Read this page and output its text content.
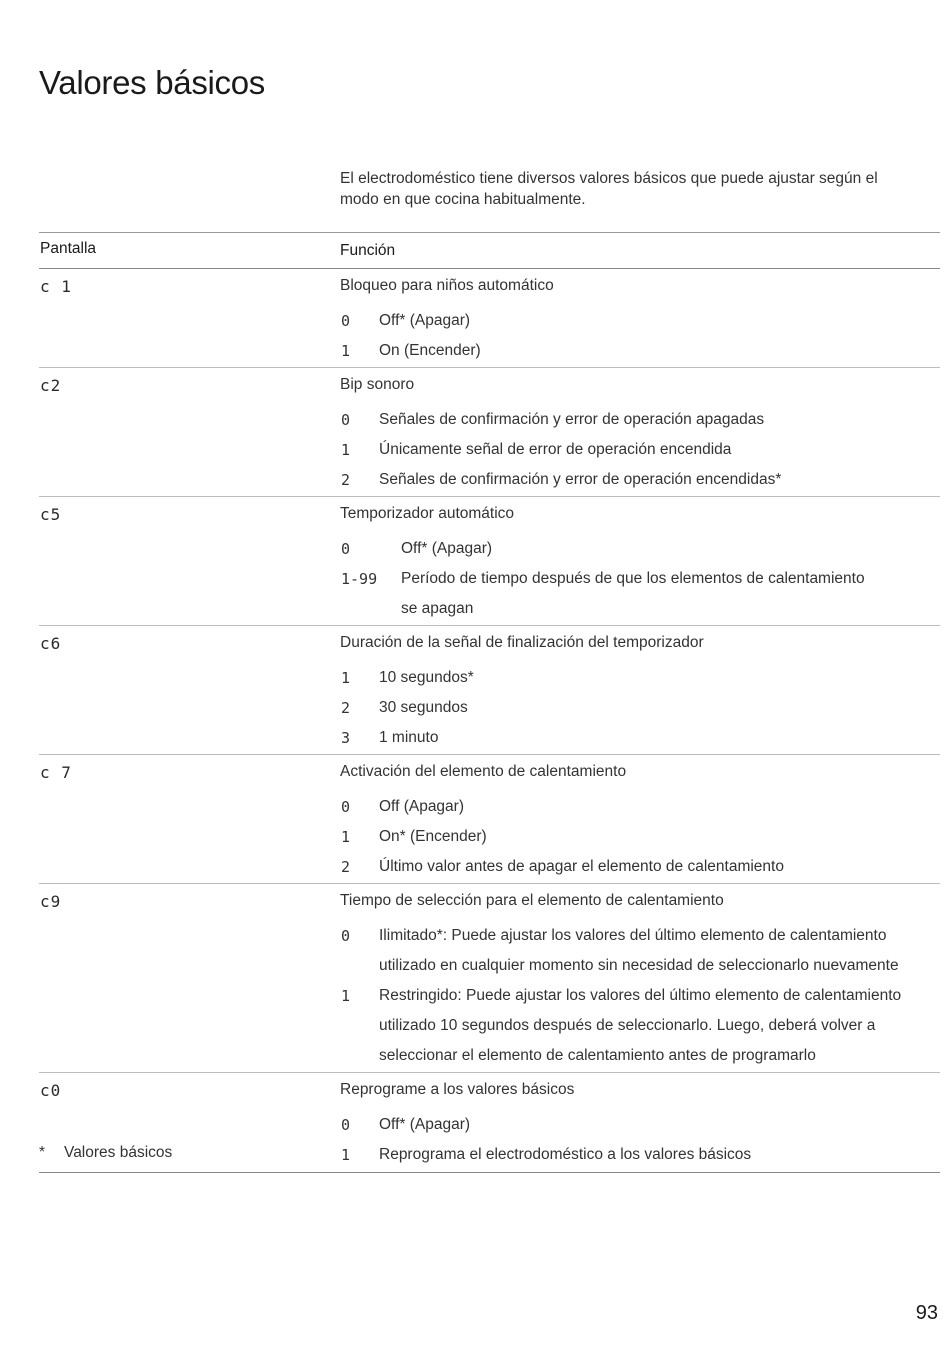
Valores básicos
El electrodoméstico tiene diversos valores básicos que puede ajustar según el modo en que cocina habitualmente.
Pantalla	Función
c 1	Bloqueo para niños automático
0	Off* (Apagar)
1	On (Encender)
c2	Bip sonoro
0	Señales de confirmación y error de operación apagadas
1	Únicamente señal de error de operación encendida
2	Señales de confirmación y error de operación encendidas*
c5	Temporizador automático
0	Off* (Apagar)
1-99	Período de tiempo después de que los elementos de calentamiento
se apagan
c6	Duración de la señal de finalización del temporizador
1	10 segundos*
2	30 segundos
3	1 minuto
c 7	Activación del elemento de calentamiento
0	Off (Apagar)
1	On* (Encender)
2	Último valor antes de apagar el elemento de calentamiento
c9	Tiempo de selección para el elemento de calentamiento
0	Ilimitado*: Puede ajustar los valores del último elemento de calentamiento
utilizado en cualquier momento sin necesidad de seleccionarlo nuevamente
1	Restringido: Puede ajustar los valores del último elemento de calentamiento
utilizado 10 segundos después de seleccionarlo. Luego, deberá volver a
seleccionar el elemento de calentamiento antes de programarlo
c0	Reprograme a los valores básicos
0	Off* (Apagar)
1	Reprograma el electrodoméstico a los valores básicos
* Valores básicos
93
